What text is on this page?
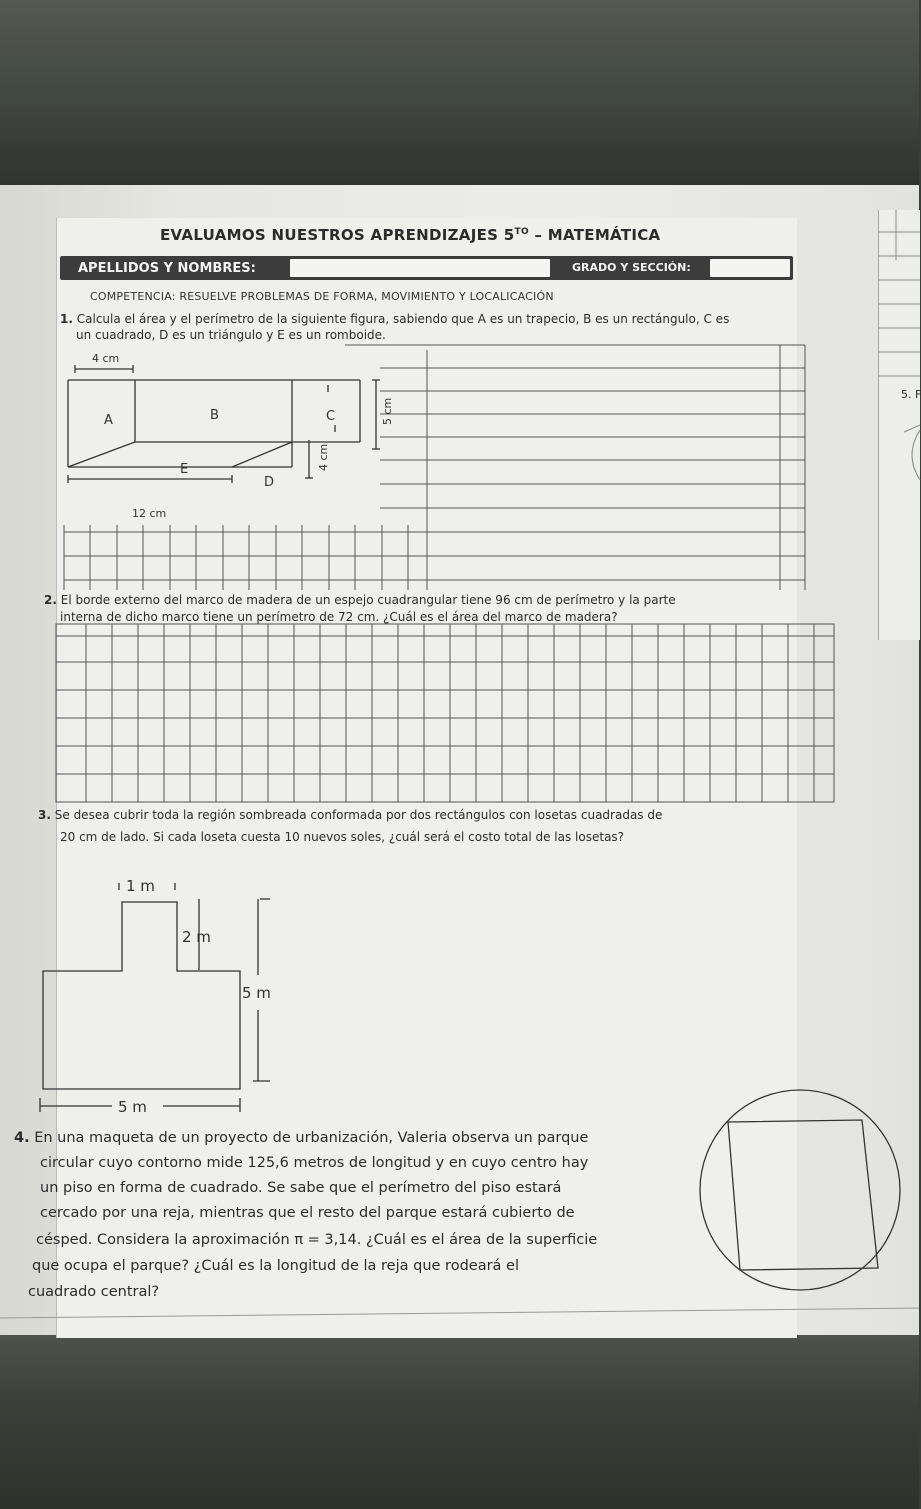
5. F
EVALUAMOS NUESTROS APRENDIZAJES $5^{TO}$ – MATEMÁTICA
APELLIDOS Y NOMBRES:	GRADO Y SECCIÓN:
COMPETENCIA: RESUELVE PROBLEMAS DE FORMA, MOVIMIENTO Y LOCALICACIÓN
1. Calcula el área y el perímetro de la siguiente figura, sabiendo que A es un trapecio, B es un rectángulo, C es
un cuadrado, D es un triángulo y E es un romboide.
4 cm
12 cm
5 cm
4 cm
A	B	C
E
D
2. El borde externo del marco de madera de un espejo cuadrangular tiene 96 cm de perímetro y la parte
interna de dicho marco tiene un perímetro de 72 cm. ¿Cuál es el área del marco de madera?
3. Se desea cubrir toda la región sombreada conformada por dos rectángulos con losetas cuadradas de
20 cm de lado. Si cada loseta cuesta 10 nuevos soles, ¿cuál será el costo total de las losetas?
1 m
2 m
5 m
5 m
4. En una maqueta de un proyecto de urbanización, Valeria observa un parque
circular cuyo contorno mide 125,6 metros de longitud y en cuyo centro hay
un piso en forma de cuadrado. Se sabe que el perímetro del piso estará
cercado por una reja, mientras que el resto del parque estará cubierto de
césped. Considera la aproximación π = 3,14. ¿Cuál es el área de la superficie
que ocupa el parque? ¿Cuál es la longitud de la reja que rodeará el
cuadrado central?
